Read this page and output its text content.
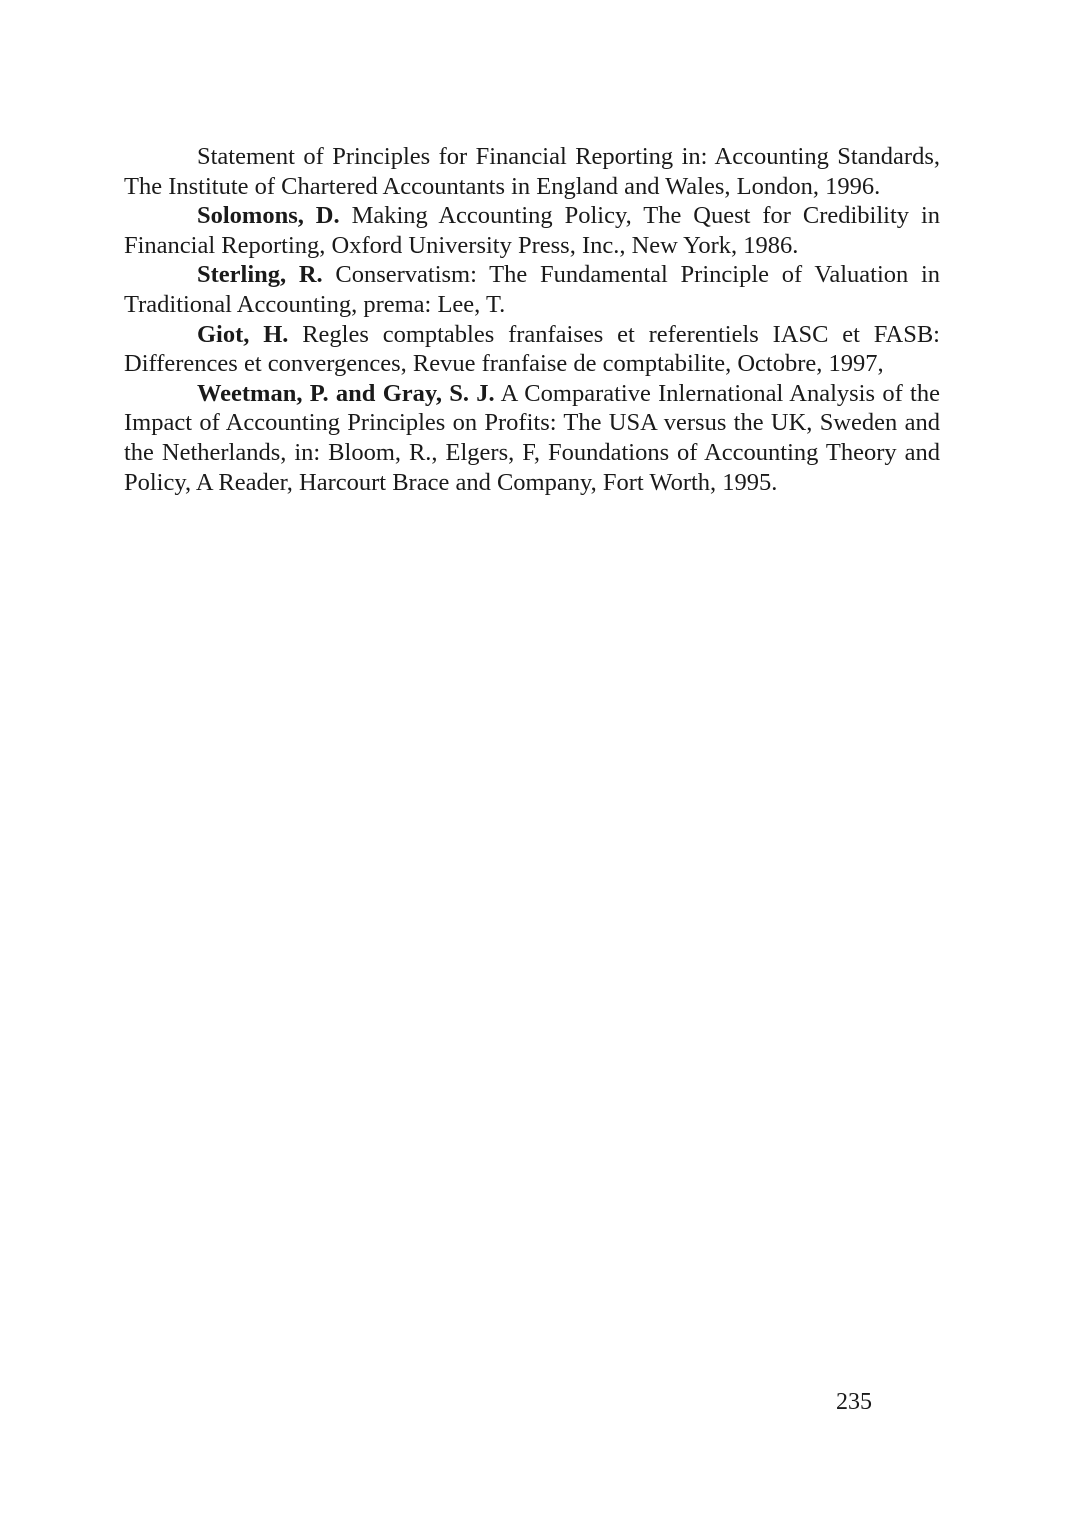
Statement of Principles for Financial Reporting in: Accounting Standards, The Institute of Chartered Accountants in England and Wales, London, 1996.

Solomons, D. Making Accounting Policy, The Quest for Credibility in Financial Reporting, Oxford University Press, Inc., New York, 1986.

Sterling, R. Conservatism: The Fundamental Principle of Valuation in Traditional Accounting, prema: Lee, T.

Giot, H. Regles comptables franfaises et referentiels IASC et FASB: Differences et convergences, Revue franfaise de comptabilite, Octobre, 1997,

Weetman, P. and Gray, S. J. A Comparative Inlernational Analysis of the Impact of Accounting Principles on Profits: The USA versus the UK, Sweden and the Netherlands, in: Bloom, R., Elgers, F, Foundations of Accounting Theory and Policy, A Reader, Harcourt Brace and Company, Fort Worth, 1995.

235
